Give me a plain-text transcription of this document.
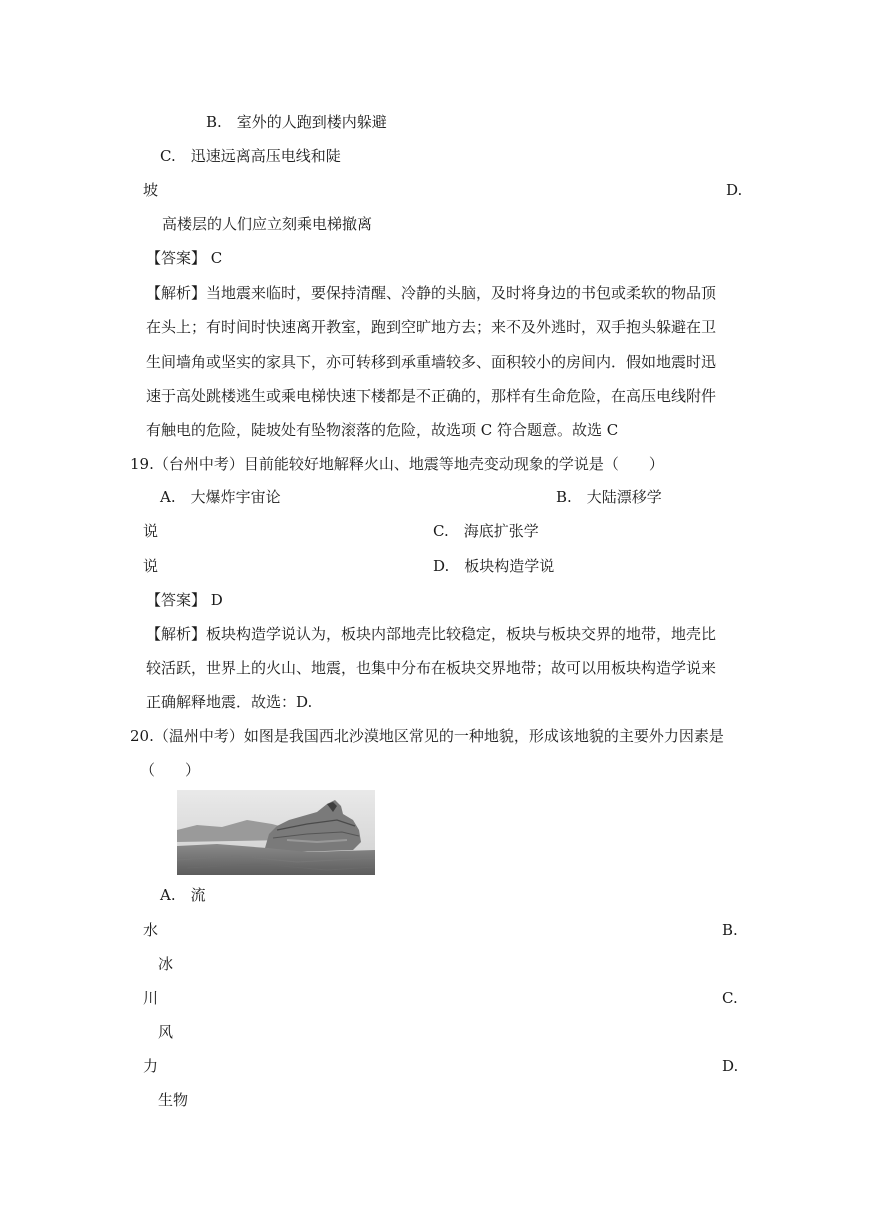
B.　室外的人跑到楼内躲避
C.　迅速远离高压电线和陡
坡	D.
高楼层的人们应立刻乘电梯撤离
【答案】 C
【解析】当地震来临时，要保持清醒、冷静的头脑，及时将身边的书包或柔软的物品顶
在头上；有时间时快速离开教室，跑到空旷地方去；来不及外逃时，双手抱头躲避在卫
生间墙角或坚实的家具下，亦可转移到承重墙较多、面积较小的房间内．假如地震时迅
速于高处跳楼逃生或乘电梯快速下楼都是不正确的，那样有生命危险，在高压电线附件
有触电的危险，陡坡处有坠物滚落的危险，故选项 C 符合题意。故选 C
19.（台州中考）目前能较好地解释火山、地震等地壳变动现象的学说是（　　）
A.　大爆炸宇宙论	B.　大陆漂移学
说	C.　海底扩张学
说	D.　板块构造学说
【答案】 D
【解析】板块构造学说认为，板块内部地壳比较稳定，板块与板块交界的地带，地壳比
较活跃，世界上的火山、地震，也集中分布在板块交界地带；故可以用板块构造学说来
正确解释地震．故选：D.
20.（温州中考）如图是我国西北沙漠地区常见的一种地貌，形成该地貌的主要外力因素是
（　　）
A.　流
水	B.
冰
川	C.
风
力	D.
生物
